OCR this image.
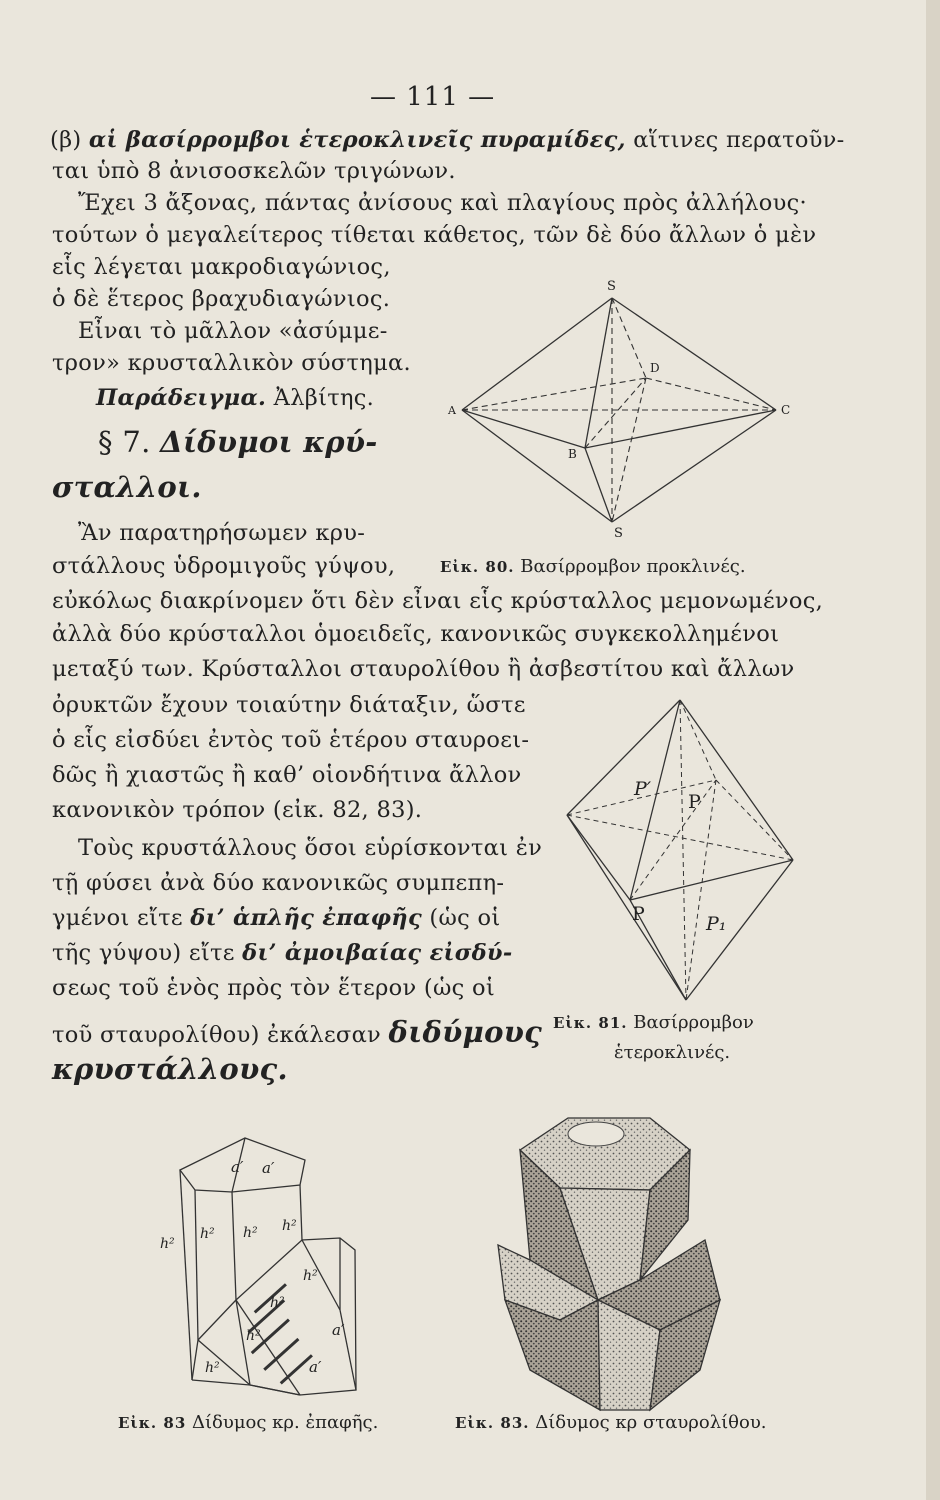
— 111 —
(β) αἱ βασίρρομβοι ἑτεροκλινεῖς πυραμίδες, αἵτινες περατοῦν-
ται ὑπὸ 8 ἀνισοσκελῶν τριγώνων.
Ἔχει 3 ἄξονας, πάντας ἀνίσους καὶ πλαγίους πρὸς ἀλλήλους·
τούτων ὁ μεγαλείτερος τίθεται κάθετος, τῶν δὲ δύο ἄλλων ὁ μὲν
εἷς λέγεται μακροδιαγώνιος,
ὁ δὲ ἕτερος βραχυδιαγώνιος.
Εἶναι τὸ μᾶλλον «ἀσύμμε-
τρον» κρυσταλλικὸν σύστημα.
Παράδειγμα. Ἀλβίτης.
§ 7. Δίδυμοι κρύ-
σταλλοι.
Ἂν παρατηρήσωμεν κρυ-
στάλλους ὑδρομιγοῦς γύψου,
εὐκόλως διακρίνομεν ὅτι δὲν εἶναι εἷς κρύσταλλος μεμονωμένος,
ἀλλὰ δύο κρύσταλλοι ὁμοειδεῖς, κανονικῶς συγκεκολλημένοι
μεταξύ των. Κρύσταλλοι σταυρολίθου ἢ ἀσβεστίτου καὶ ἄλλων
ὀρυκτῶν ἔχουν τοιαύτην διάταξιν, ὥστε
ὁ εἷς εἰσδύει ἐντὸς τοῦ ἑτέρου σταυροει-
δῶς ἢ χιαστῶς ἢ καθ’ οἱονδήτινα ἄλλον
κανονικὸν τρόπον (εἰκ. 82, 83).
Τοὺς κρυστάλλους ὅσοι εὑρίσκονται ἐν
τῇ φύσει ἀνὰ δύο κανονικῶς συμπεπη-
γμένοι εἴτε δι’ ἁπλῆς ἐπαφῆς (ὡς οἱ
τῆς γύψου) εἴτε δι’ ἀμοιβαίας εἰσδύ-
σεως τοῦ ἑνὸς πρὸς τὸν ἕτερον (ὡς οἱ
τοῦ σταυρολίθου) ἐκάλεσαν διδύμους
κρυστάλλους.
S
S
A
B
C
D
Εἰκ. 80. Βασίρρομβον προκλινές.
P′
P
P	P₁
Εἰκ. 81. Βασίρρομβον
ἑτεροκλινές.
a′ a′
a′
a′
h²
h² h² h²
h²
h²
h²
h²
Εἰκ. 83 Δίδυμος κρ. ἐπαφῆς.	Εἰκ. 83. Δίδυμος κρ σταυρολίθου.
